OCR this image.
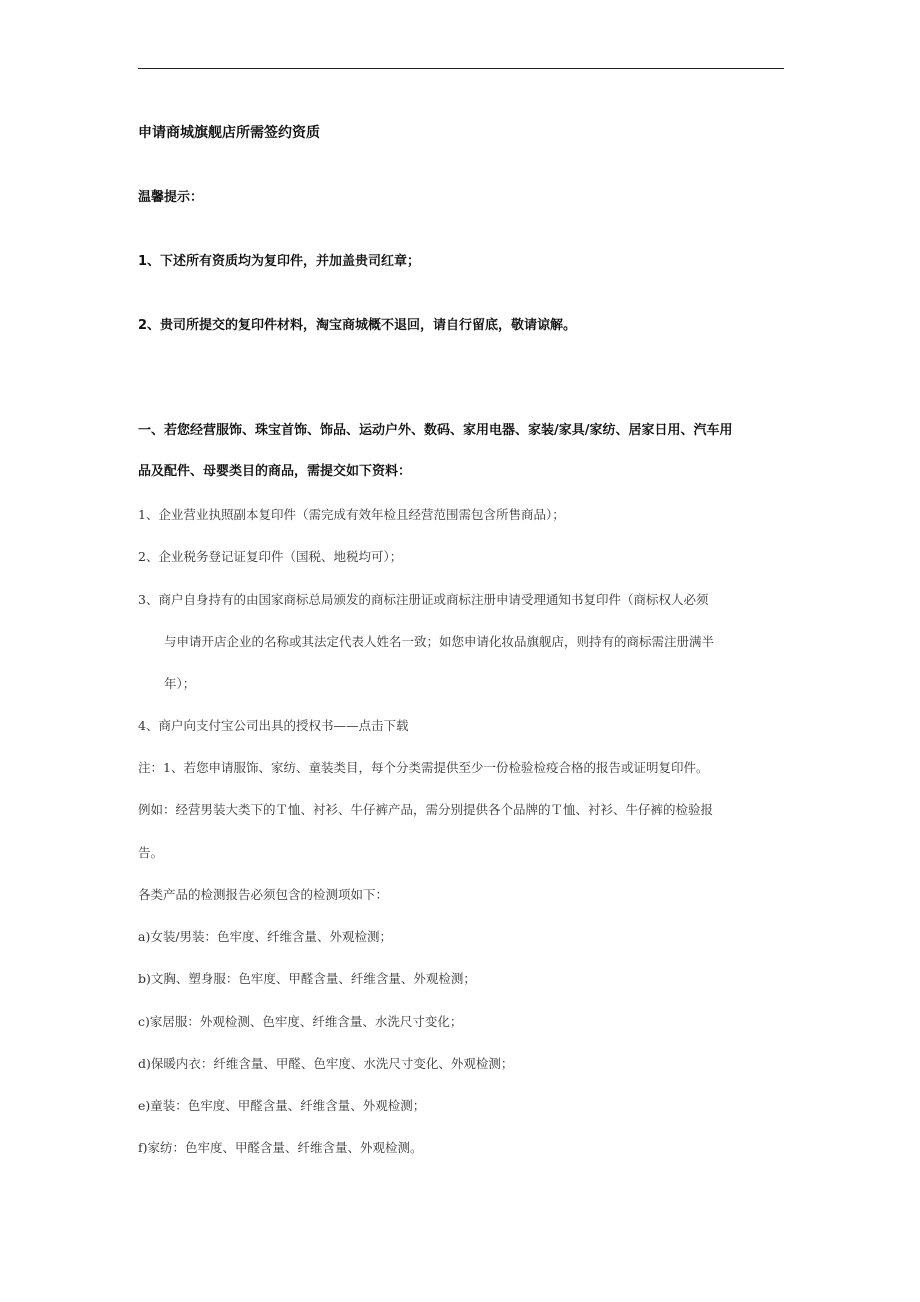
申请商城旗舰店所需签约资质

温馨提示：

1、下述所有资质均为复印件，并加盖贵司红章；

2、贵司所提交的复印件材料，淘宝商城概不退回，请自行留底，敬请谅解。

一、若您经营服饰、珠宝首饰、饰品、运动户外、数码、家用电器、家装/家具/家纺、居家日用、汽车用

品及配件、母婴类目的商品，需提交如下资料：

1、企业营业执照副本复印件（需完成有效年检且经营范围需包含所售商品）；

2、企业税务登记证复印件（国税、地税均可）；

3、商户自身持有的由国家商标总局颁发的商标注册证或商标注册申请受理通知书复印件（商标权人必须

与申请开店企业的名称或其法定代表人姓名一致；如您申请化妆品旗舰店，则持有的商标需注册满半

年）；

4、商户向支付宝公司出具的授权书——点击下载

注：1、若您申请服饰、家纺、童装类目，每个分类需提供至少一份检验检疫合格的报告或证明复印件。

例如：经营男装大类下的Ｔ恤、衬衫、牛仔裤产品，需分别提供各个品牌的Ｔ恤、衬衫、牛仔裤的检验报

告。

各类产品的检测报告必须包含的检测项如下：

a)女装/男装：色牢度、纤维含量、外观检测；

b)文胸、塑身服：色牢度、甲醛含量、纤维含量、外观检测；

c)家居服：外观检测、色牢度、纤维含量、水洗尺寸变化；

d)保暖内衣：纤维含量、甲醛、色牢度、水洗尺寸变化、外观检测；

e)童装：色牢度、甲醛含量、纤维含量、外观检测；

f)家纺：色牢度、甲醛含量、纤维含量、外观检测。
